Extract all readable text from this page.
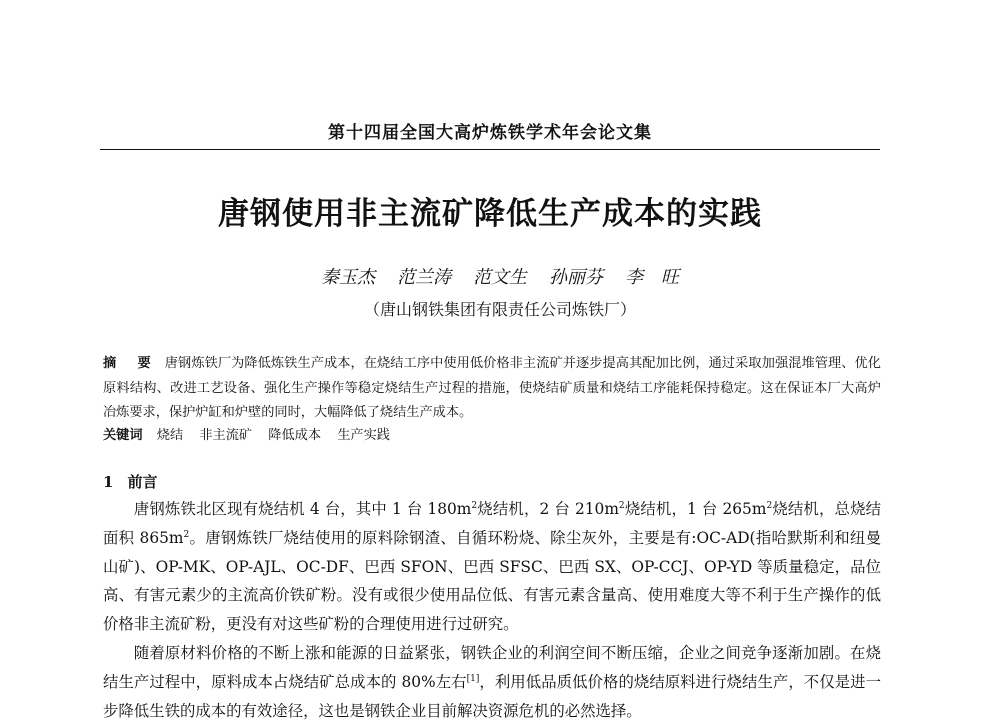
第十四届全国大高炉炼铁学术年会论文集
唐钢使用非主流矿降低生产成本的实践
秦玉杰 范兰涛 范文生 孙丽芬 李　旺
（唐山钢铁集团有限责任公司炼铁厂）
摘　要 唐钢炼铁厂为降低炼铁生产成本，在烧结工序中使用低价格非主流矿并逐步提高其配加比例，通过采取加强混堆管理、优化原料结构、改进工艺设备、强化生产操作等稳定烧结生产过程的措施，使烧结矿质量和烧结工序能耗保持稳定。这在保证本厂大高炉冶炼要求，保护炉缸和炉壁的同时，大幅降低了烧结生产成本。
关键词 烧结 非主流矿 降低成本 生产实践
1 前言

唐钢炼铁北区现有烧结机 4 台，其中 1 台 $180m^2$烧结机，2 台 $210m^2$烧结机，1 台 $265m^2$烧结机，总烧结面积 $865m^2$。唐钢炼铁厂烧结使用的原料除钢渣、自循环粉烧、除尘灰外，主要是有:OC-AD(指哈默斯利和纽曼山矿)、OP-MK、OP-AJL、OC-DF、巴西 SFON、巴西 SFSC、巴西 SX、OP-CCJ、OP-YD 等质量稳定，品位高、有害元素少的主流高价铁矿粉。没有或很少使用品位低、有害元素含量高、使用难度大等不利于生产操作的低价格非主流矿粉，更没有对这些矿粉的合理使用进行过研究。

随着原材料价格的不断上涨和能源的日益紧张，钢铁企业的利润空间不断压缩，企业之间竞争逐渐加剧。在烧结生产过程中，原料成本占烧结矿总成本的 80%左右[1]，利用低品质低价格的烧结原料进行烧结生产，不仅是进一步降低生铁的成本的有效途径，这也是钢铁企业目前解决资源危机的必然选择。
